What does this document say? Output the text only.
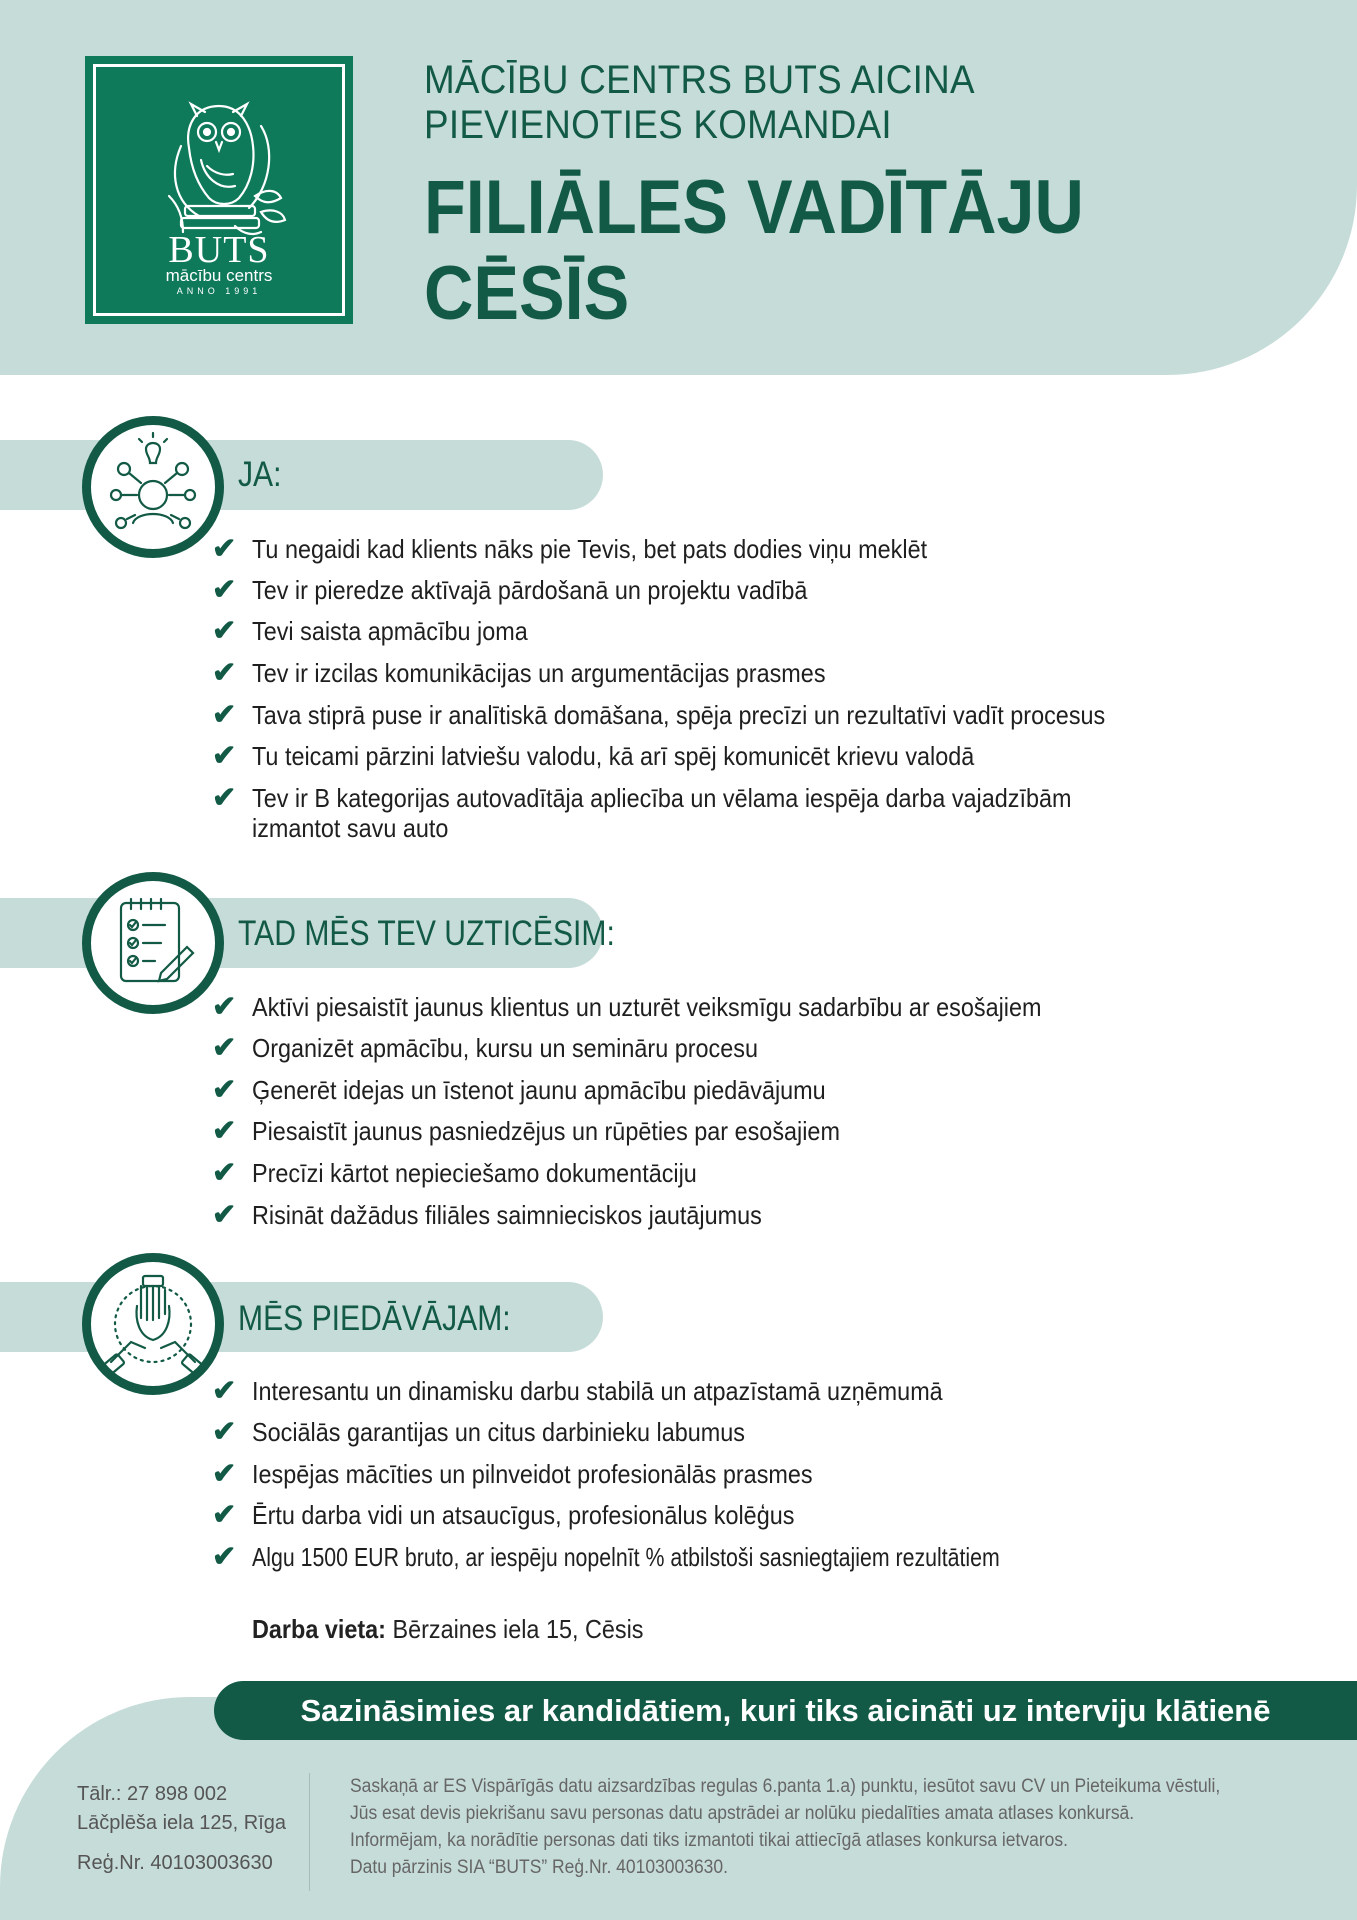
BUTS
mācību centrs
ANNO 1991
MĀCĪBU CENTRS BUTS AICINA
PIEVIENOTIES KOMANDAI
FILIĀLES VADĪTĀJU
CĒSĪS
JA:
✔ Tu negaidi kad klients nāks pie Tevis, bet pats dodies viņu meklēt
✔ Tev ir pieredze aktīvajā pārdošanā un projektu vadībā
✔ Tevi saista apmācību joma
✔ Tev ir izcilas komunikācijas un argumentācijas prasmes
✔ Tava stiprā puse ir analītiskā domāšana, spēja precīzi un rezultatīvi vadīt procesus
✔ Tu teicami pārzini latviešu valodu, kā arī spēj komunicēt krievu valodā
✔ Tev ir B kategorijas autovadītāja apliecība un vēlama iespēja darba vajadzībām
izmantot savu auto
TAD MĒS TEV UZTICĒSIM:
✔ Aktīvi piesaistīt jaunus klientus un uzturēt veiksmīgu sadarbību ar esošajiem
✔ Organizēt apmācību, kursu un semināru procesu
✔ Ģenerēt idejas un īstenot jaunu apmācību piedāvājumu
✔ Piesaistīt jaunus pasniedzējus un rūpēties par esošajiem
✔ Precīzi kārtot nepieciešamo dokumentāciju
✔ Risināt dažādus filiāles saimnieciskos jautājumus
MĒS PIEDĀVĀJAM:
✔ Interesantu un dinamisku darbu stabilā un atpazīstamā uzņēmumā
✔ Sociālās garantijas un citus darbinieku labumus
✔ Iespējas mācīties un pilnveidot profesionālās prasmes
✔ Ērtu darba vidi un atsaucīgus, profesionālus kolēģus
✔ Algu 1500 EUR bruto, ar iespēju nopelnīt % atbilstoši sasniegtajiem rezultātiem
Darba vieta: Bērzaines iela 15, Cēsis
Sazināsimies ar kandidātiem, kuri tiks aicināti uz interviju klātienē
Tālr.: 27 898 002
Lāčplēša iela 125, Rīga
Reģ.Nr. 40103003630
Saskaņā ar ES Vispārīgās datu aizsardzības regulas 6.panta 1.a) punktu, iesūtot savu CV un Pieteikuma vēstuli,
Jūs esat devis piekrišanu savu personas datu apstrādei ar nolūku piedalīties amata atlases konkursā.
Informējam, ka norādītie personas dati tiks izmantoti tikai attiecīgā atlases konkursa ietvaros.
Datu pārzinis SIA “BUTS” Reģ.Nr. 40103003630.
